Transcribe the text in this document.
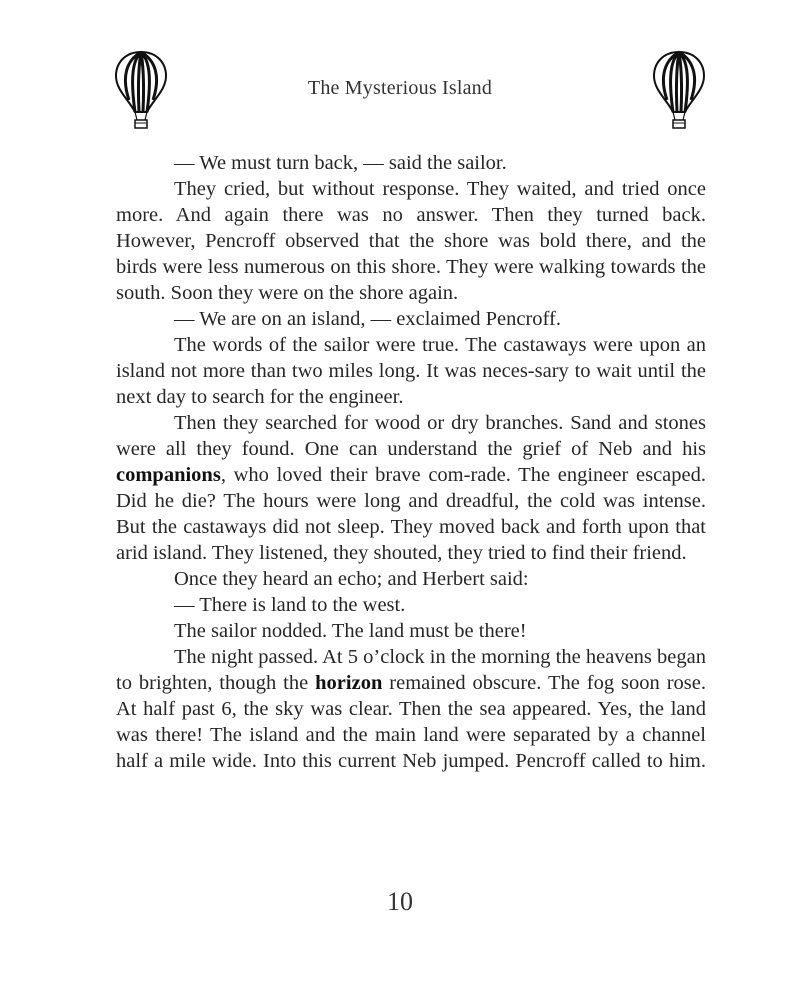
The Mysterious Island

— We must turn back, — said the sailor.

They cried, but without response. They waited, and tried once more. And again there was no answer. Then they turned back. However, Pencroff observed that the shore was bold there, and the birds were less numerous on this shore. They were walking towards the south. Soon they were on the shore again.

— We are on an island, — exclaimed Pencroff.

The words of the sailor were true. The castaways were upon an island not more than two miles long. It was neces-sary to wait until the next day to search for the engineer.

Then they searched for wood or dry branches. Sand and stones were all they found. One can understand the grief of Neb and his companions, who loved their brave com-rade. The engineer escaped. Did he die? The hours were long and dreadful, the cold was intense. But the castaways did not sleep. They moved back and forth upon that arid island. They listened, they shouted, they tried to find their friend.

Once they heard an echo; and Herbert said:

— There is land to the west.

The sailor nodded. The land must be there!

The night passed. At 5 o’clock in the morning the heavens began to brighten, though the horizon remained obscure. The fog soon rose. At half past 6, the sky was clear. Then the sea appeared. Yes, the land was there! The island and the main land were separated by a channel half a mile wide. Into this current Neb jumped. Pencroff called to him.

10
